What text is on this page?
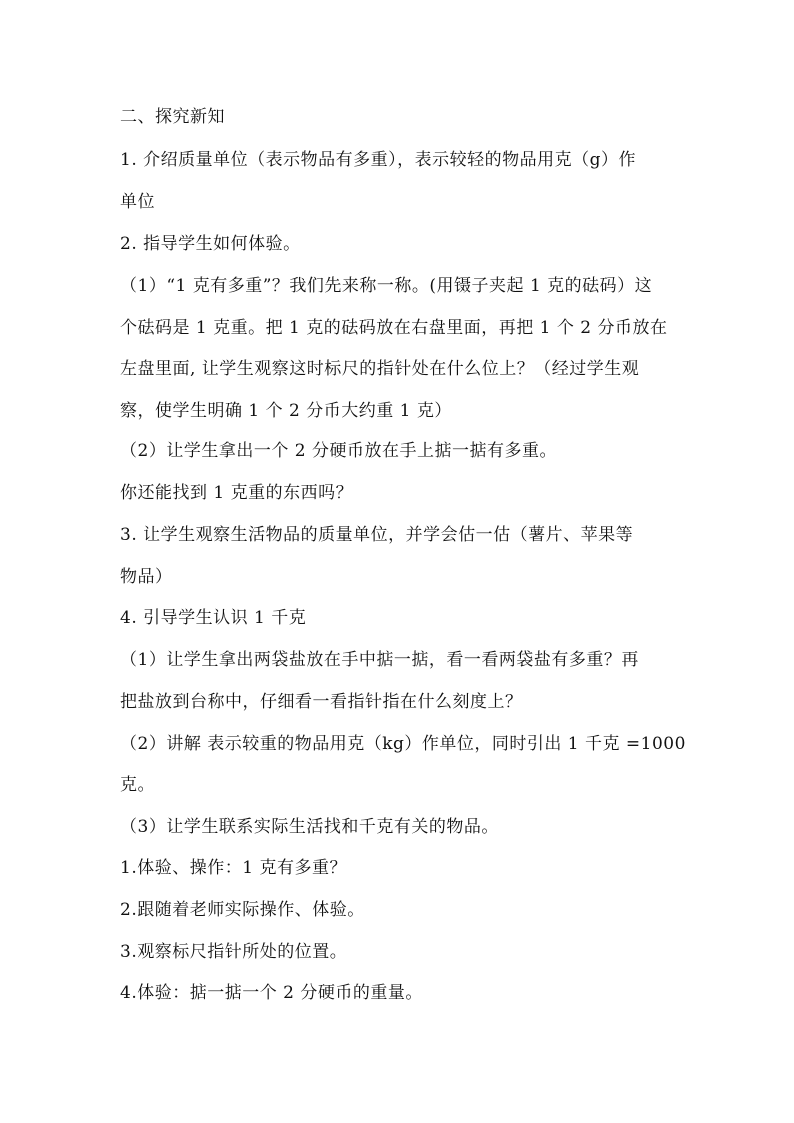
二、探究新知
1. 介绍质量单位（表示物品有多重），表示较轻的物品用克（g）作
单位
2. 指导学生如何体验。
（1）“1 克有多重”？我们先来称一称。(用镊子夹起 1 克的砝码）这
个砝码是 1 克重。把 1 克的砝码放在右盘里面，再把 1 个 2 分币放在
左盘里面, 让学生观察这时标尺的指针处在什么位上？（经过学生观
察，使学生明确 1 个 2 分币大约重 1 克）
（2）让学生拿出一个 2 分硬币放在手上掂一掂有多重。
你还能找到 1 克重的东西吗？
3. 让学生观察生活物品的质量单位，并学会估一估（薯片、苹果等
物品）
4. 引导学生认识 1 千克
（1）让学生拿出两袋盐放在手中掂一掂，看一看两袋盐有多重？再
把盐放到台称中，仔细看一看指针指在什么刻度上？
（2）讲解 表示较重的物品用克（kg）作单位，同时引出 1 千克 =1000
克。
（3）让学生联系实际生活找和千克有关的物品。
1.体验、操作：1 克有多重？
2.跟随着老师实际操作、体验。
3.观察标尺指针所处的位置。
4.体验：掂一掂一个 2 分硬币的重量。
